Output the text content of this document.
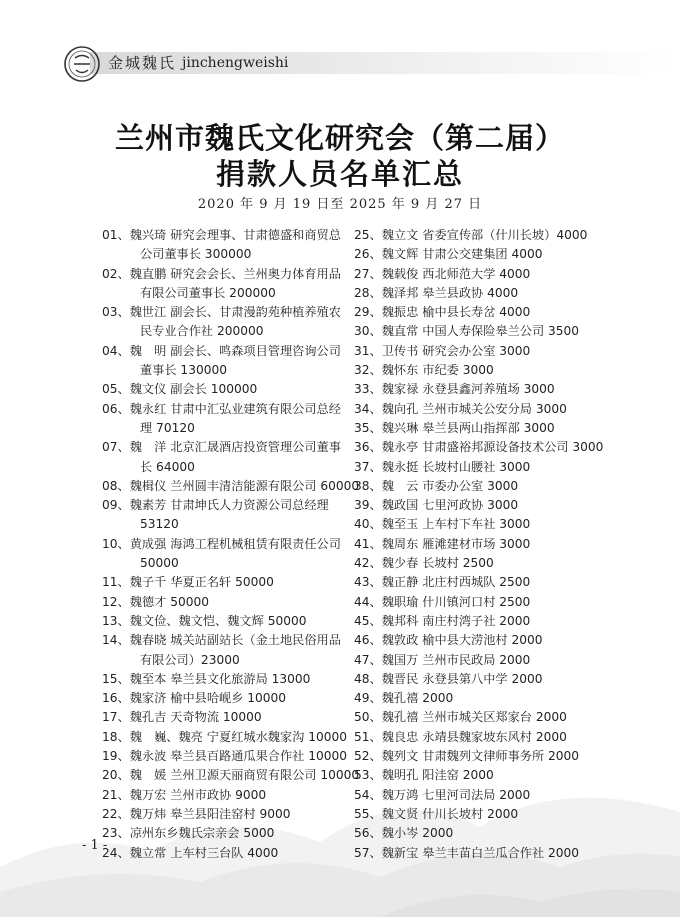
金城魏氏 jinchengweishi
兰州市魏氏文化研究会（第二届）
捐款人员名单汇总
2020 年 9 月 19 日至 2025 年 9 月 27 日
01、魏兴琦 研究会理事、甘肃德盛和商贸总
公司董事长 300000
02、魏直鹏 研究会会长、兰州奥力体育用品
有限公司董事长 200000
03、魏世江 副会长、甘肃漫韵苑种植养殖农
民专业合作社 200000
04、魏　明 副会长、鸣森项目管理咨询公司
董事长 130000
05、魏文仪 副会长 100000
06、魏永红 甘肃中汇弘业建筑有限公司总经
理 70120
07、魏　洋 北京汇晟酒店投资管理公司董事
长 64000
08、魏楫仪 兰州圆丰清洁能源有限公司 60000
09、魏素芳 甘肃坤氏人力资源公司总经理
53120
10、黄成强 海鸿工程机械租赁有限责任公司
50000
11、魏子千 华夏正名轩 50000
12、魏德才 50000
13、魏文俭、魏文恺、魏文辉 50000
14、魏春晓 城关站副站长（金土地民俗用品
有限公司）23000
15、魏至本 皋兰县文化旅游局 13000
16、魏家济 榆中县哈岘乡 10000
17、魏孔吉 天奇物流 10000
18、魏　巍、魏亮 宁夏红城水魏家沟 10000
19、魏永波 皋兰县百路通瓜果合作社 10000
20、魏　媛 兰州卫源天丽商贸有限公司 10000
21、魏万宏 兰州市政协 9000
22、魏万炜 皋兰县阳洼窑村 9000
23、凉州东乡魏氏宗亲会 5000
24、魏立常 上车村三台队 4000
25、魏立文 省委宣传部（什川长坡）4000
26、魏文辉 甘肃公交建集团 4000
27、魏载俊 西北师范大学 4000
28、魏泽邦 皋兰县政协 4000
29、魏振忠 榆中县长寿岔 4000
30、魏直常 中国人寿保险皋兰公司 3500
31、卫传书 研究会办公室 3000
32、魏怀东 市纪委 3000
33、魏家禄 永登县鑫河养殖场 3000
34、魏向孔 兰州市城关公安分局 3000
35、魏兴琳 皋兰县两山指挥部 3000
36、魏永亭 甘肃盛裕邦源设备技术公司 3000
37、魏永挺 长坡村山腰社 3000
38、魏　云 市委办公室 3000
39、魏政国 七里河政协 3000
40、魏至玉 上车村下车社 3000
41、魏周东 雁滩建材市场 3000
42、魏少春 长坡村 2500
43、魏正静 北庄村西城队 2500
44、魏职瑜 什川镇河口村 2500
45、魏邦科 南庄村湾子社 2000
46、魏敦政 榆中县大涝池村 2000
47、魏国万 兰州市民政局 2000
48、魏晋民 永登县第八中学 2000
49、魏孔禧 2000
50、魏孔禧 兰州市城关区郑家台 2000
51、魏良忠 永靖县魏家坡东风村 2000
52、魏列文 甘肃魏列文律师事务所 2000
53、魏明孔 阳洼窑 2000
54、魏万鸿 七里河司法局 2000
55、魏文贤 什川长坡村 2000
56、魏小岑 2000
57、魏新宝 皋兰丰苗白兰瓜合作社 2000
- 1 -
